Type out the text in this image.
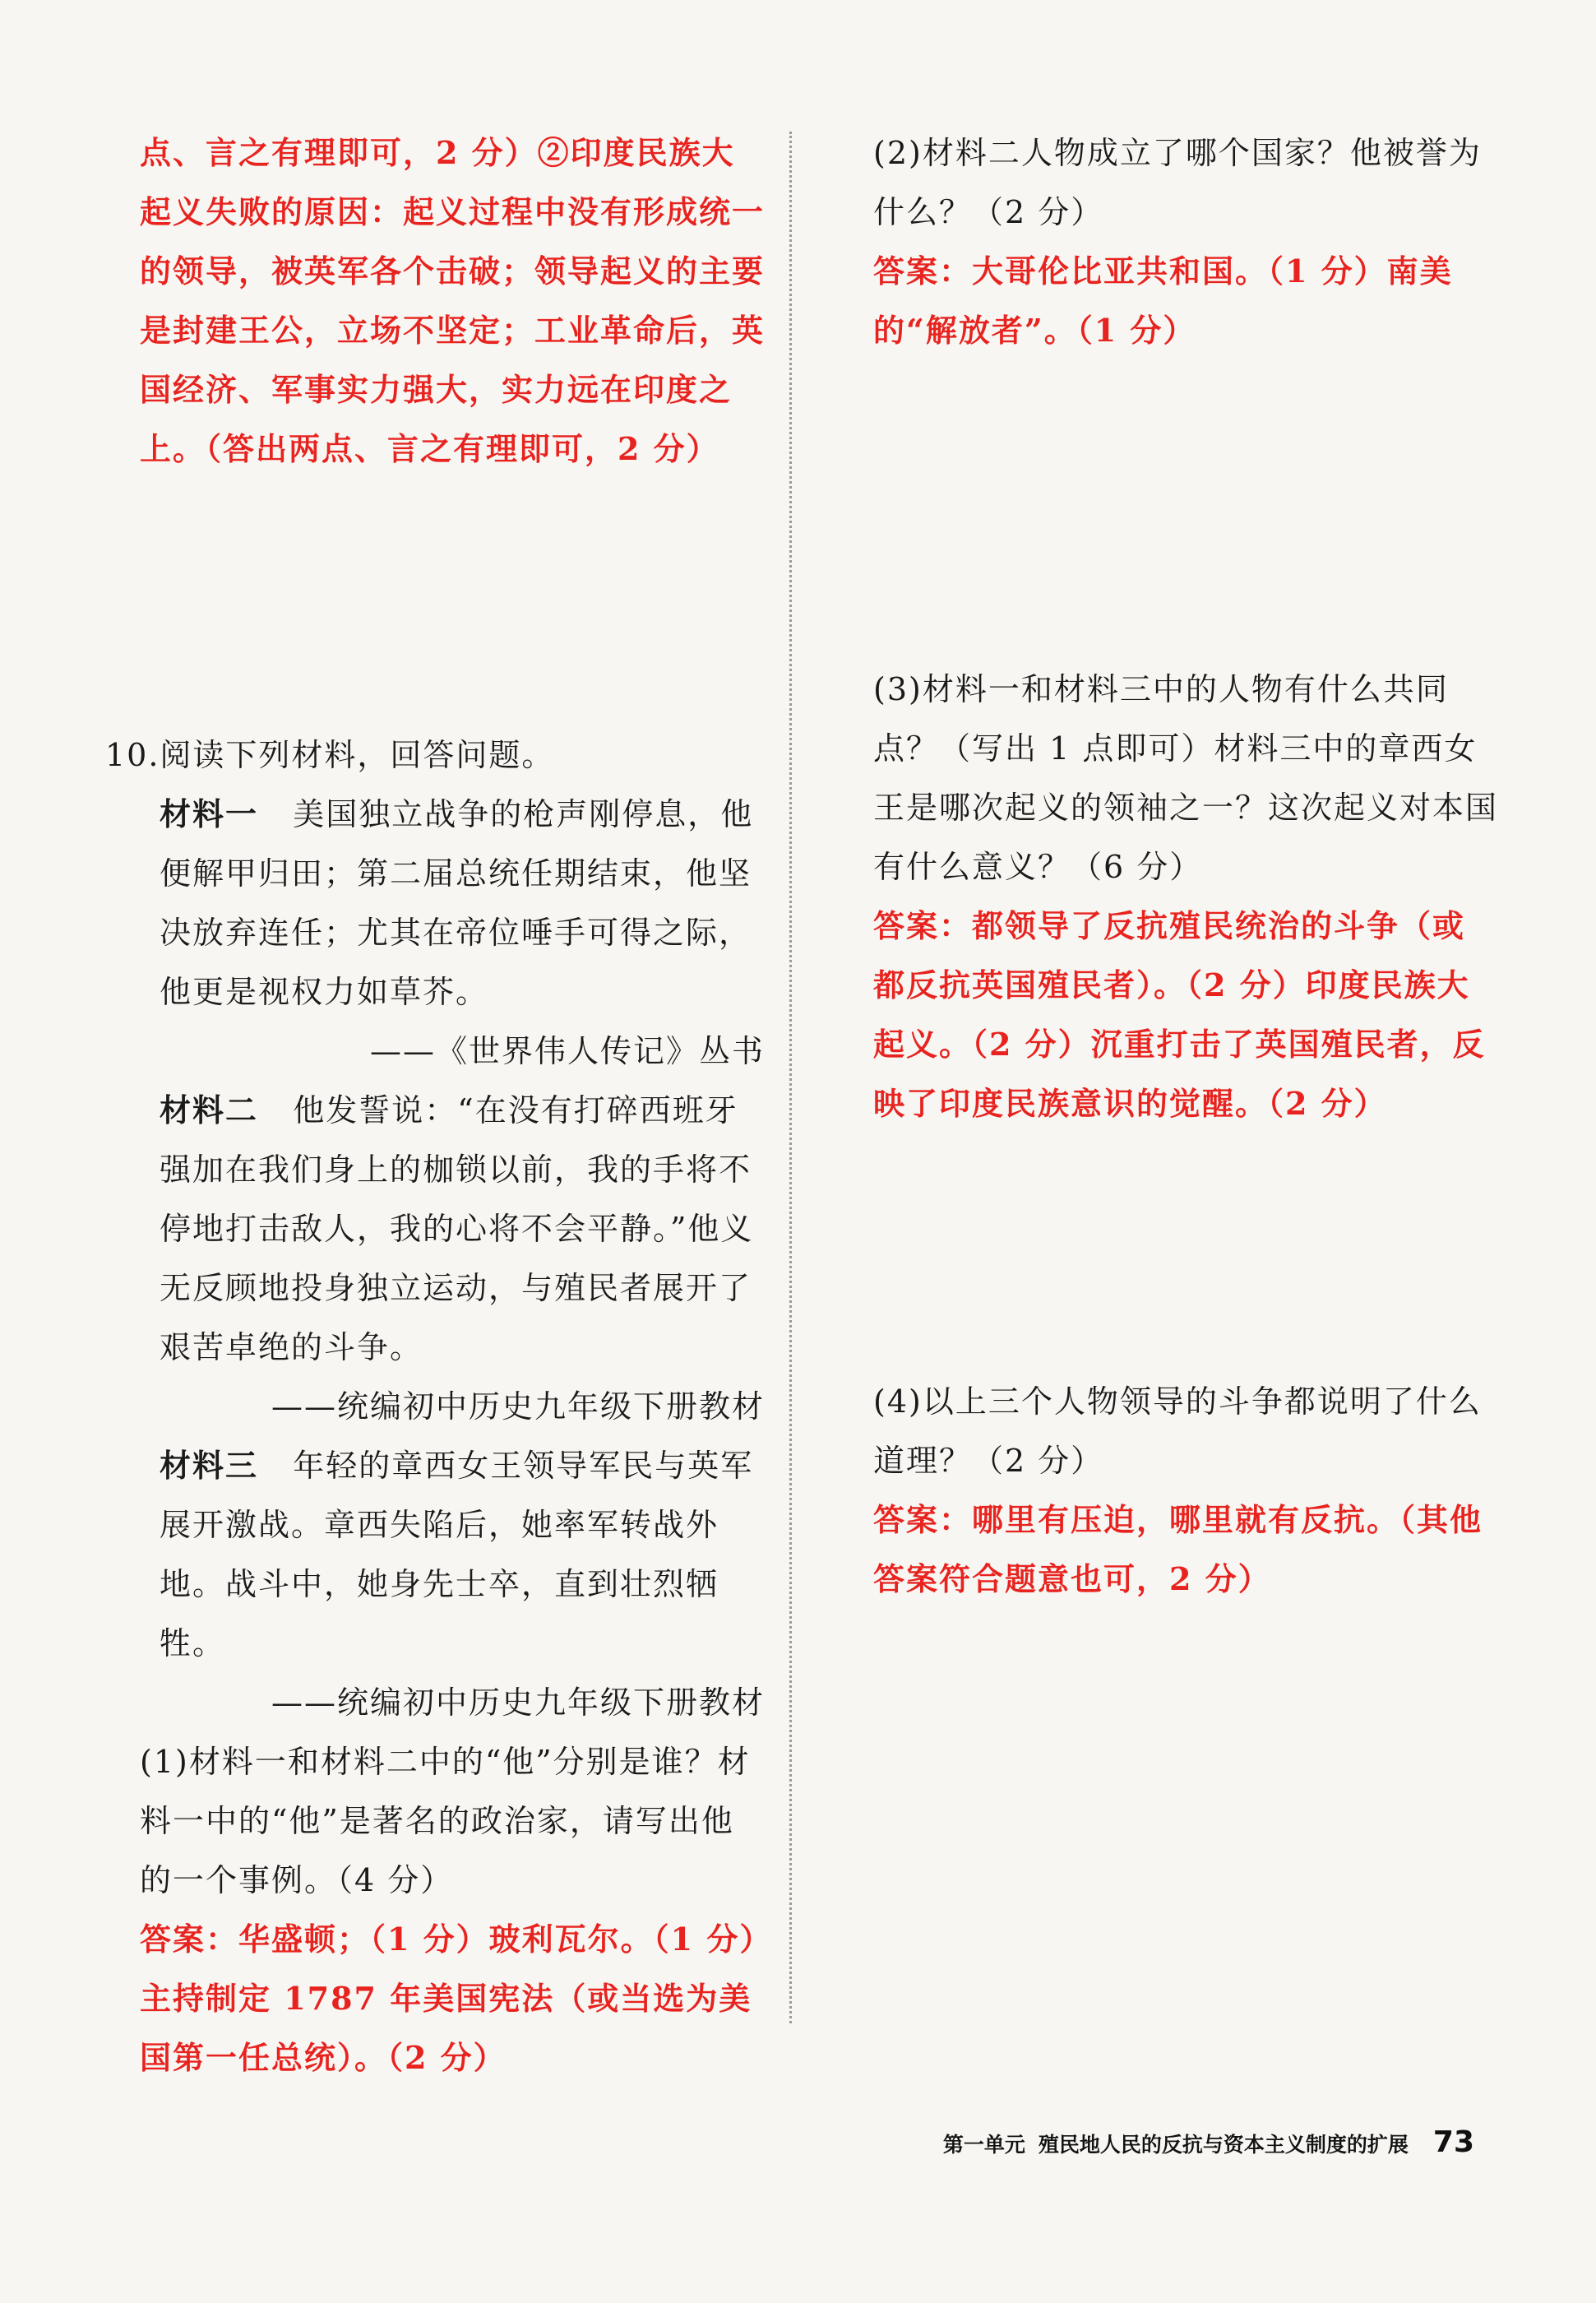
点、言之有理即可，2 分）②印度民族大起义失败的原因：起义过程中没有形成统一的领导，被英军各个击破；领导起义的主要是封建王公，立场不坚定；工业革命后，英国经济、军事实力强大，实力远在印度之上。（答出两点、言之有理即可，2 分）
10.阅读下列材料，回答问题。
材料一 美国独立战争的枪声刚停息，他便解甲归田；第二届总统任期结束，他坚决放弃连任；尤其在帝位唾手可得之际，他更是视权力如草芥。
——《世界伟人传记》丛书
材料二 他发誓说：“在没有打碎西班牙强加在我们身上的枷锁以前，我的手将不停地打击敌人，我的心将不会平静。”他义无反顾地投身独立运动，与殖民者展开了艰苦卓绝的斗争。
——统编初中历史九年级下册教材
材料三 年轻的章西女王领导军民与英军展开激战。章西失陷后，她率军转战外地。战斗中，她身先士卒，直到壮烈牺牲。
——统编初中历史九年级下册教材
(1)材料一和材料二中的“他”分别是谁？材料一中的“他”是著名的政治家，请写出他的一个事例。（4 分）
答案：华盛顿；（1 分）玻利瓦尔。（1 分）主持制定 1787 年美国宪法（或当选为美国第一任总统）。（2 分）
(2)材料二人物成立了哪个国家？他被誉为什么？（2 分）
答案：大哥伦比亚共和国。（1 分）南美的“解放者”。（1 分）
(3)材料一和材料三中的人物有什么共同点？（写出 1 点即可）材料三中的章西女王是哪次起义的领袖之一？这次起义对本国有什么意义？（6 分）
答案：都领导了反抗殖民统治的斗争（或都反抗英国殖民者）。（2 分）印度民族大起义。（2 分）沉重打击了英国殖民者，反映了印度民族意识的觉醒。（2 分）
(4)以上三个人物领导的斗争都说明了什么道理？（2 分）
答案：哪里有压迫，哪里就有反抗。（其他答案符合题意也可，2 分）
第一单元 殖民地人民的反抗与资本主义制度的扩展 73
